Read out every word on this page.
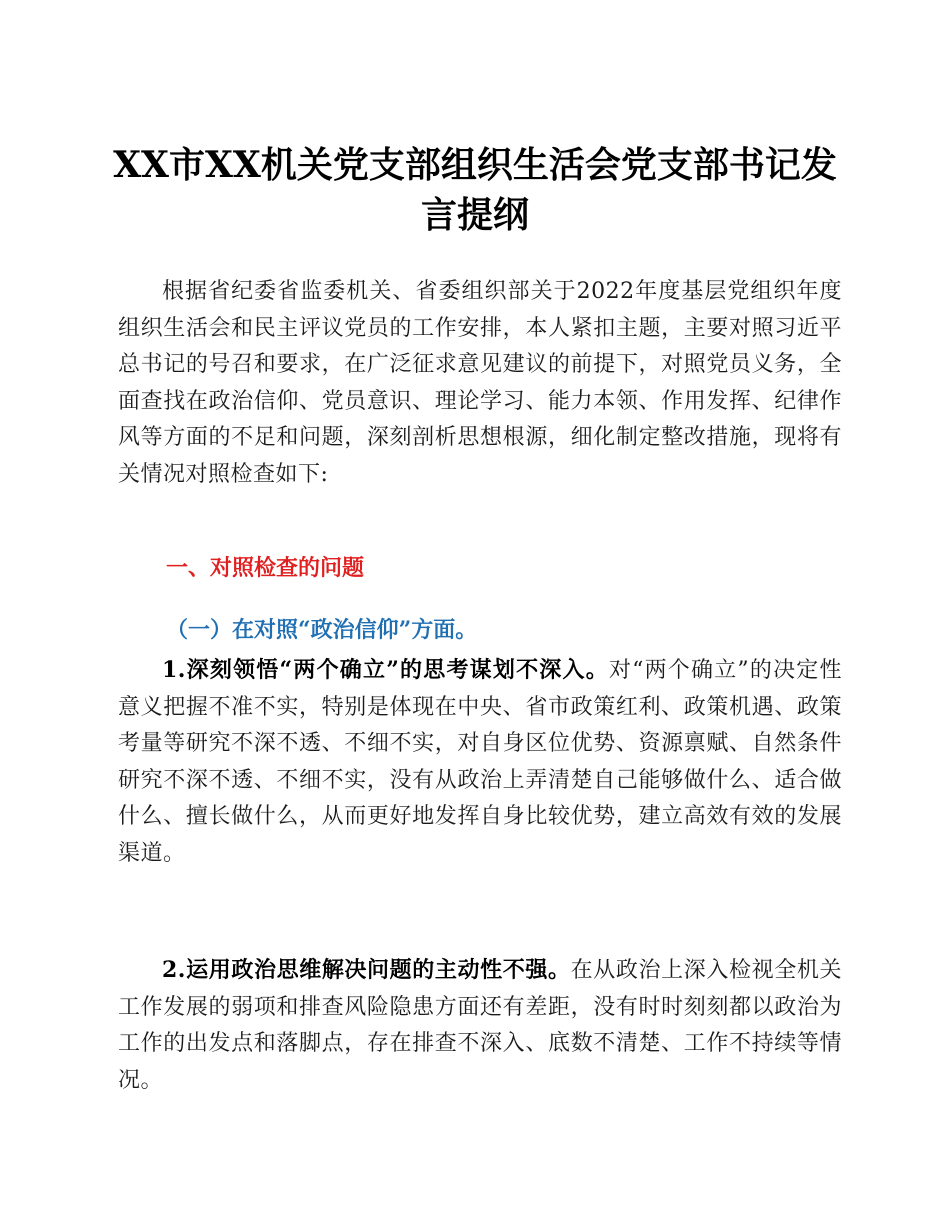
XX市XX机关党支部组织生活会党支部书记发言提纲

根据省纪委省监委机关、省委组织部关于2022年度基层党组织年度组织生活会和民主评议党员的工作安排，本人紧扣主题，主要对照习近平总书记的号召和要求，在广泛征求意见建议的前提下，对照党员义务，全面查找在政治信仰、党员意识、理论学习、能力本领、作用发挥、纪律作风等方面的不足和问题，深刻剖析思想根源，细化制定整改措施，现将有关情况对照检查如下:

一、对照检查的问题
（一）在对照“政治信仰”方面。

1.深刻领悟“两个确立”的思考谋划不深入。对“两个确立”的决定性意义把握不准不实，特别是体现在中央、省市政策红利、政策机遇、政策考量等研究不深不透、不细不实，对自身区位优势、资源禀赋、自然条件研究不深不透、不细不实，没有从政治上弄清楚自己能够做什么、适合做什么、擅长做什么，从而更好地发挥自身比较优势，建立高效有效的发展渠道。

2.运用政治思维解决问题的主动性不强。在从政治上深入检视全机关工作发展的弱项和排查风险隐患方面还有差距，没有时时刻刻都以政治为工作的出发点和落脚点，存在排查不深入、底数不清楚、工作不持续等情况。
